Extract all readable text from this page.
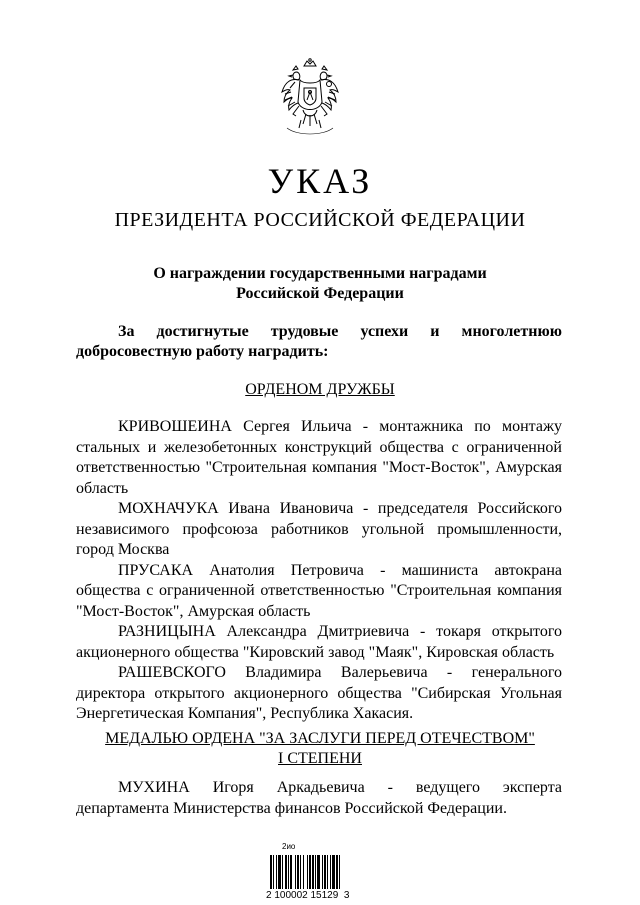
УКАЗ
ПРЕЗИДЕНТА РОССИЙСКОЙ ФЕДЕРАЦИИ
О награждении государственными наградами
Российской Федерации
За достигнутые трудовые успехи и многолетнюю
добросовестную работу наградить:
ОРДЕНОМ ДРУЖБЫ

КРИВОШЕИНА Сергея Ильича - монтажника по монтажу стальных и железобетонных конструкций общества с ограниченной ответственностью "Строительная компания "Мост-Восток", Амурская область

МОХНАЧУКА Ивана Ивановича - председателя Российского независимого профсоюза работников угольной промышленности, город Москва

ПРУСАКА Анатолия Петровича - машиниста автокрана общества с ограниченной ответственностью "Строительная компания "Мост-Восток", Амурская область

РАЗНИЦЫНА Александра Дмитриевича - токаря открытого акционерного общества "Кировский завод "Маяк", Кировская область

РАШЕВСКОГО Владимира Валерьевича - генерального директора открытого акционерного общества "Сибирская Угольная Энергетическая Компания", Республика Хакасия.

МЕДАЛЬЮ ОРДЕНА "ЗА ЗАСЛУГИ ПЕРЕД ОТЕЧЕСТВОМ"
I СТЕПЕНИ

МУХИНА Игоря Аркадьевича - ведущего эксперта департамента Министерства финансов Российской Федерации.

2ио
2 100002 15129  3
